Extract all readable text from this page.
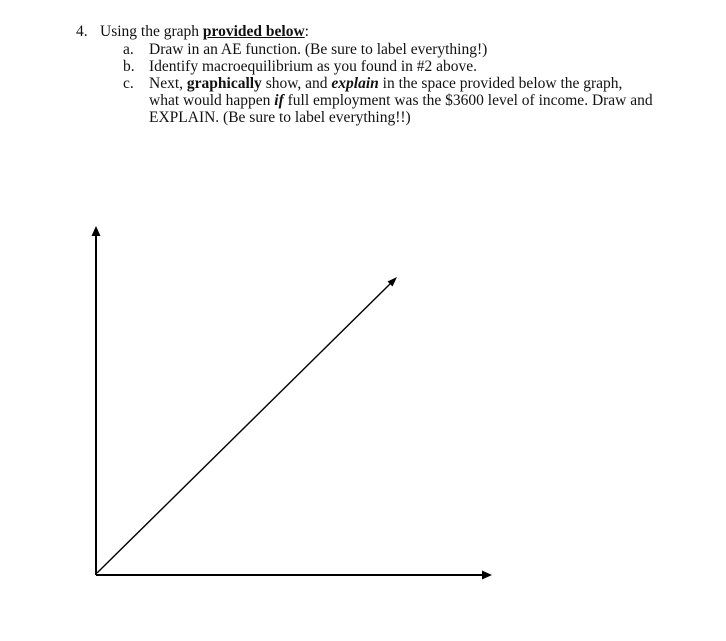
4. Using the graph provided below:
a. Draw in an AE function. (Be sure to label everything!)
b. Identify macroequilibrium as you found in #2 above.
c. Next, graphically show, and explain in the space provided below the graph,
what would happen if full employment was the $3600 level of income. Draw and
EXPLAIN. (Be sure to label everything!!)
